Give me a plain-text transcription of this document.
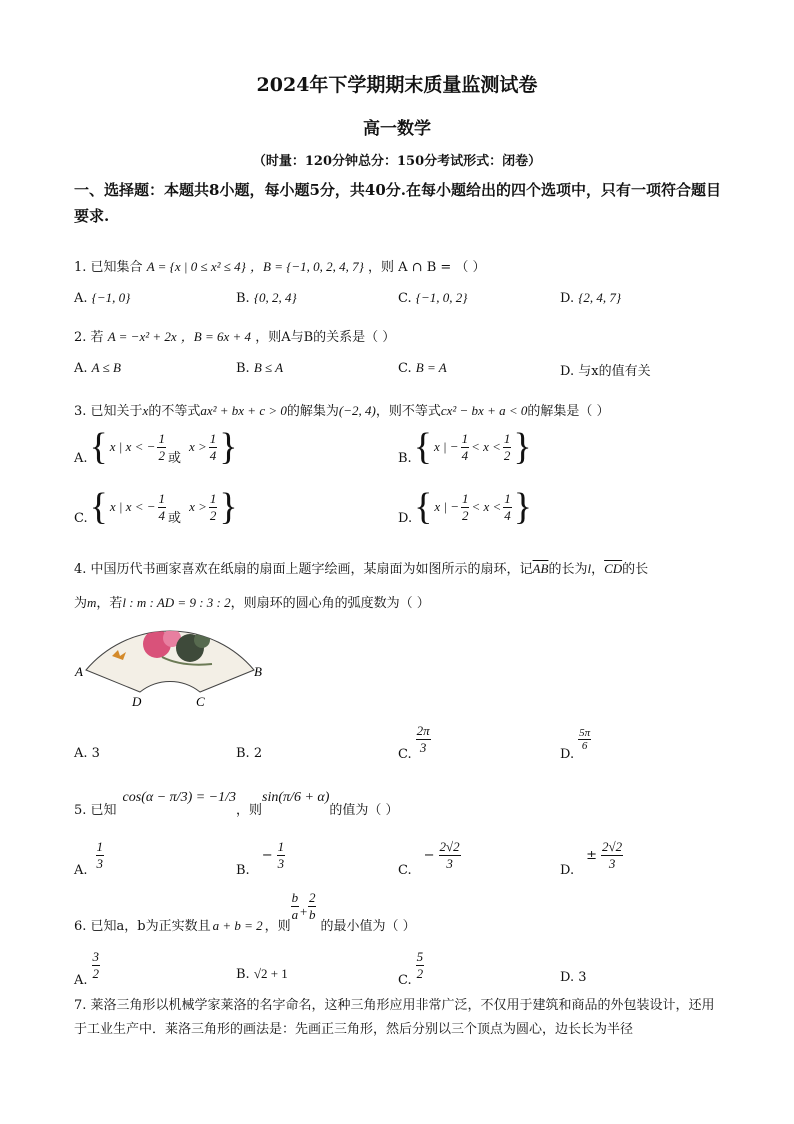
2024年下学期期末质量监测试卷
高一数学
（时量：120分钟总分：150分考试形式：闭卷）
一、选择题：本题共8小题，每小题5分，共40分.在每小题给出的四个选项中，只有一项符合题目要求.
1. 已知集合 A = {x | 0 ≤ x² ≤ 4} ，B = {−1, 0, 2, 4, 7} ，则 A ∩ B = （ ）
A. {−1, 0}	B. {0, 2, 4}	C. {−1, 0, 2}	D. {2, 4, 7}
2. 若 A = −x² + 2x ，B = 6x + 4 ，则A与B的关系是（ ）
A. A ≤ B	B. B ≤ A	C. B = A	D. 与x的值有关
3. 已知关于x的不等式ax² + bx + c > 0的解集为(−2, 4)，则不等式cx² − bx + a < 0的解集是（ ）
A. { x | x < − $\frac{1}{2}$ 或
$x > \frac{1}{4}$ }	B. { x | − $\frac{1}{4} < x < \frac{1}{2}$ }
C. { x | x < − $\frac{1}{4}$ 或
$x > \frac{1}{2}$ }	D. { x | − $\frac{1}{2} < x < \frac{1}{4}$ }
4. 中国历代书画家喜欢在纸扇的扇面上题字绘画，某扇面为如图所示的扇环，记$\overline{AB}$的长为l，$\overline{CD}$的长
为m，若l : m : AD = 9 : 3 : 2，则扇环的圆心角的弧度数为（ ）
A	B
D	C
A. 3	B. 2	C. $\frac{2\pi}{3}$	D.
$\frac{5\pi}{6}$
5. 已知
cos(α − π/3) = −1/3
，则
sin(π/6 + α)
的值为（ ）
A. $\frac{1}{3}$	B.
− $\frac{1}{3}$	C.
− $\frac{2√2}{3}$	D.
± $\frac{2√2}{3}$
6. 已知a，b为正实数且 a + b = 2 ，则
$\frac{b}{a} + \frac{2}{b}$
的最小值为（ ）
A. $\frac{3}{2}$	B. √2 + 1	C. $\frac{5}{2}$	D. 3
7. 莱洛三角形以机械学家莱洛的名字命名，这种三角形应用非常广泛，不仅用于建筑和商品的外包装设计，还用于工业生产中．莱洛三角形的画法是：先画正三角形，然后分别以三个顶点为圆心，边长长为半径
